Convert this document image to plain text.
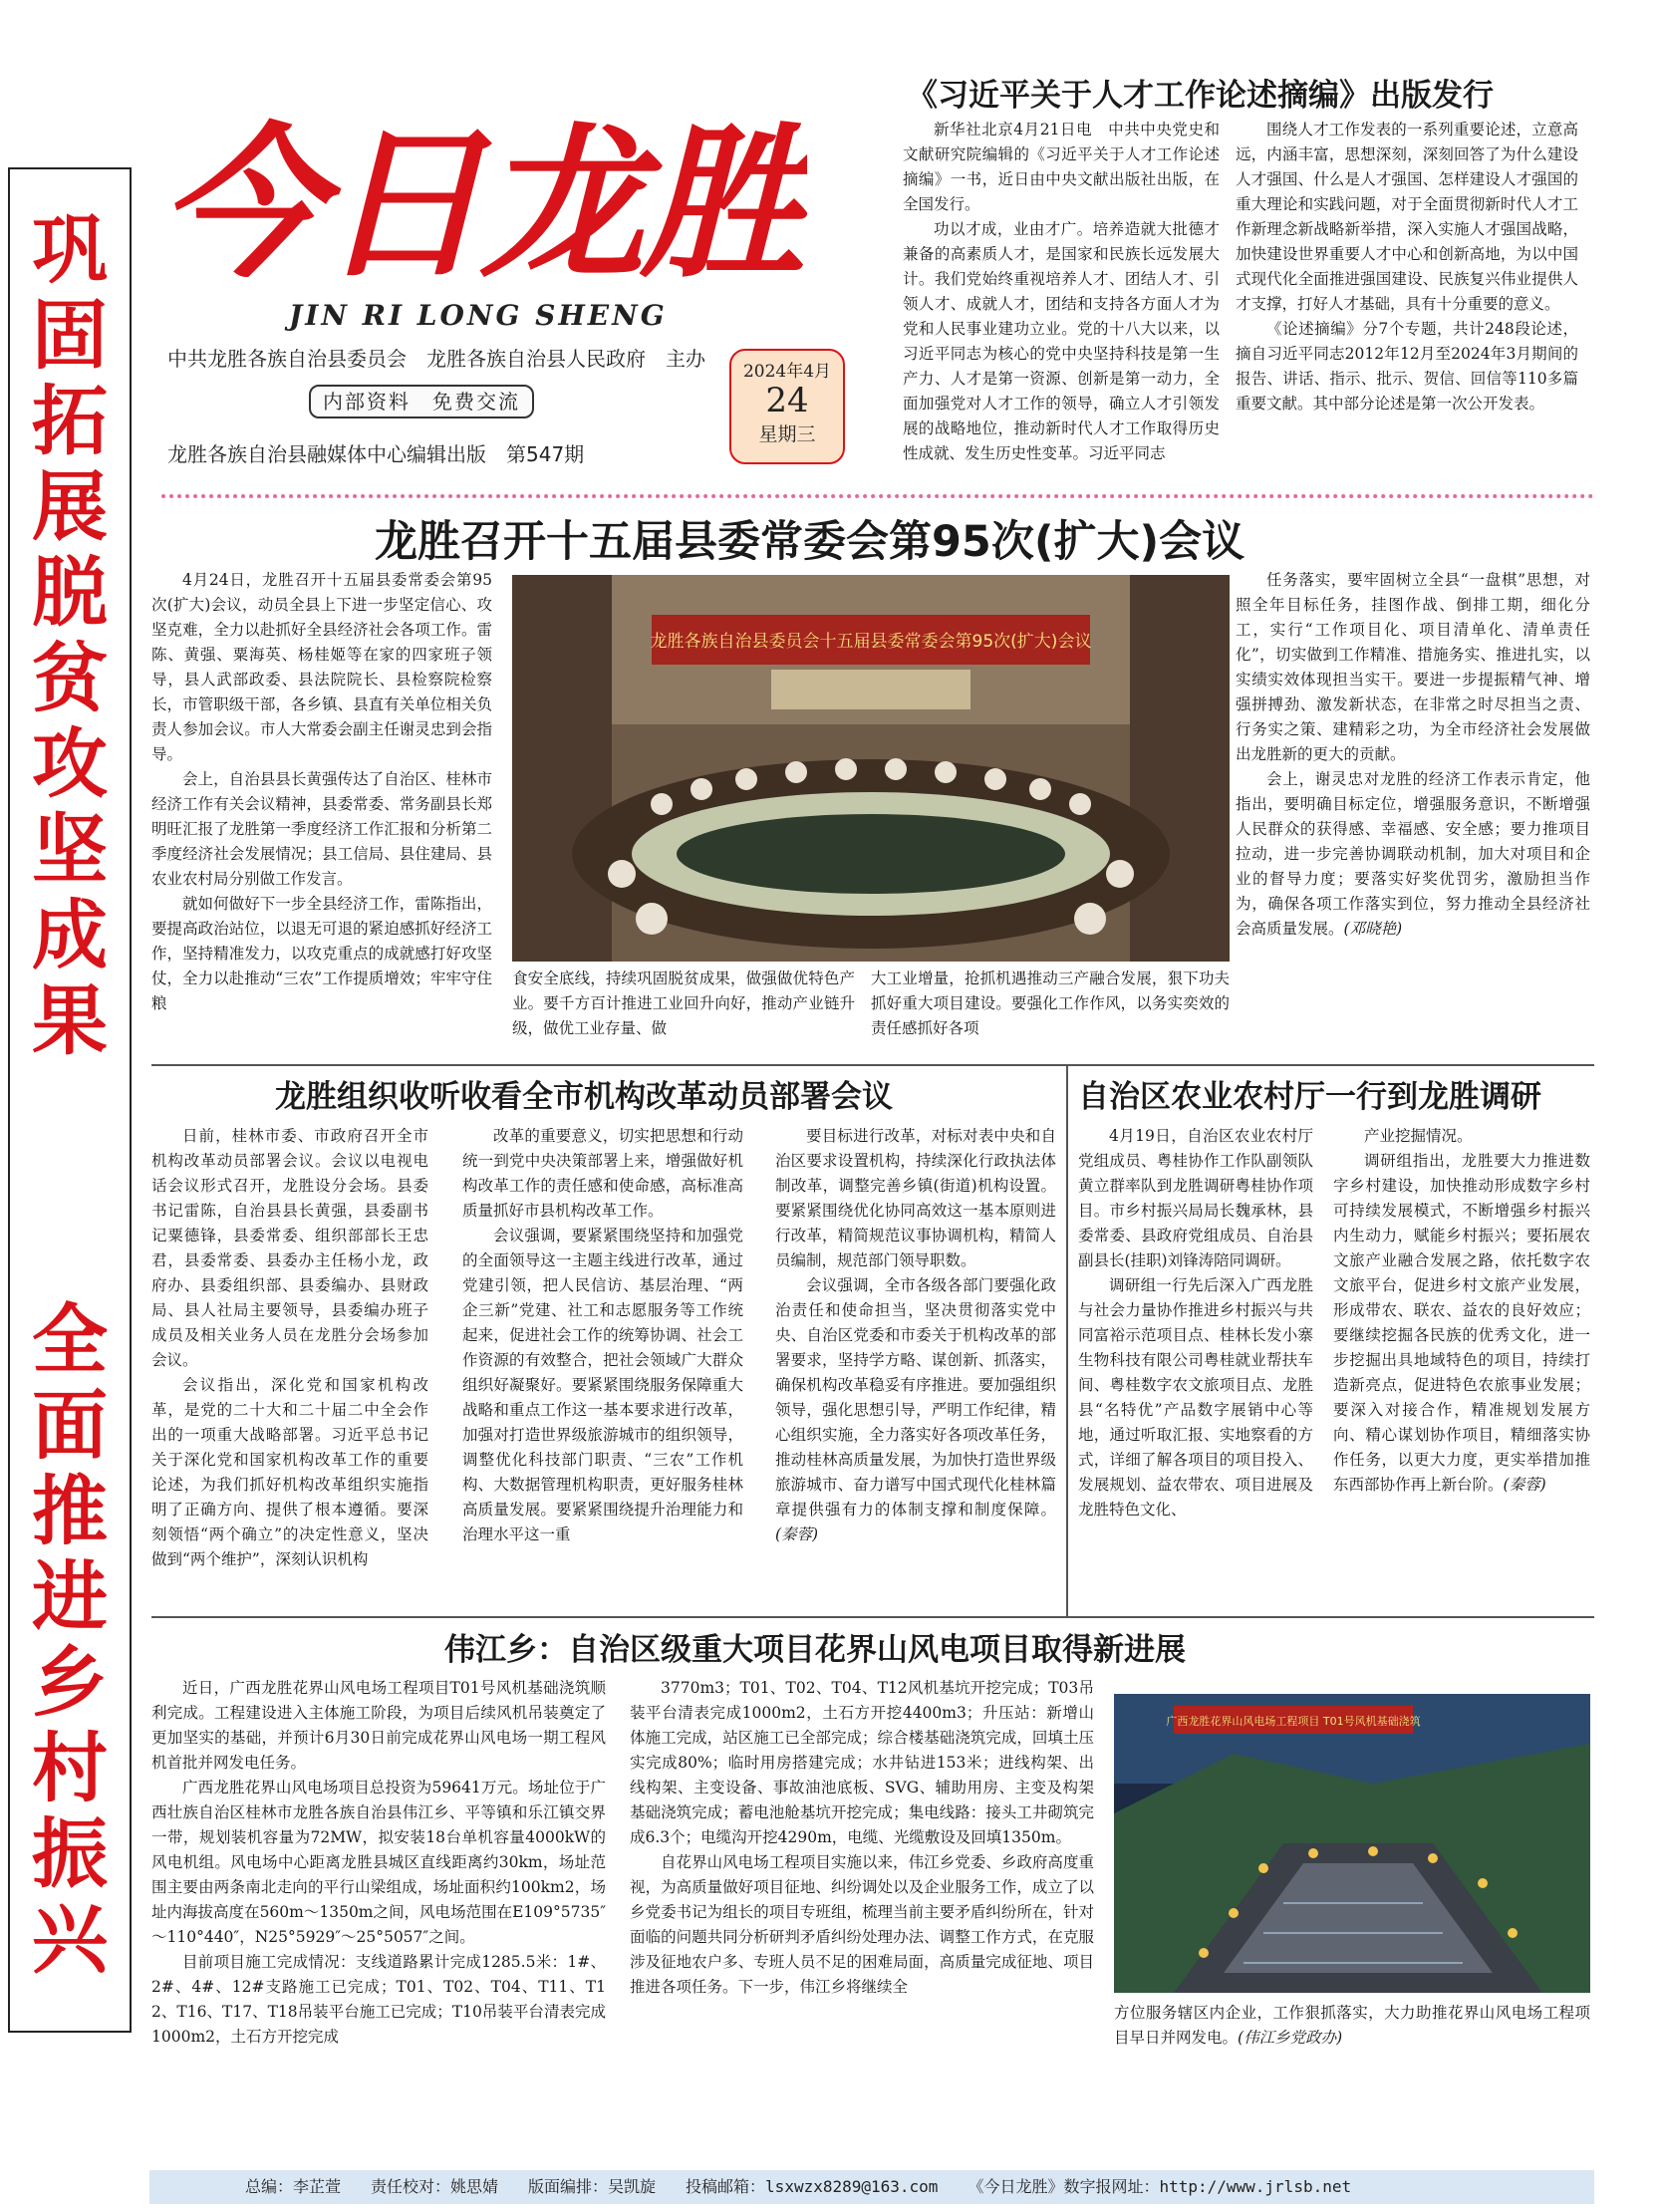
巩
固
拓
展
脱
贫
攻
坚
成
果
全
面
推
进
乡
村
振
兴
今日龙胜
JIN RI LONG SHENG
中共龙胜各族自治县委员会　龙胜各族自治县人民政府　主办
内部资料　免费交流
龙胜各族自治县融媒体中心编辑出版　第547期
2024年4月
24
星期三
《习近平关于人才工作论述摘编》出版发行

新华社北京4月21日电　中共中央党史和文献研究院编辑的《习近平关于人才工作论述摘编》一书，近日由中央文献出版社出版，在全国发行。

功以才成，业由才广。培养造就大批德才兼备的高素质人才，是国家和民族长远发展大计。我们党始终重视培养人才、团结人才、引领人才、成就人才，团结和支持各方面人才为党和人民事业建功立业。党的十八大以来，以习近平同志为核心的党中央坚持科技是第一生产力、人才是第一资源、创新是第一动力，全面加强党对人才工作的领导，确立人才引领发展的战略地位，推动新时代人才工作取得历史性成就、发生历史性变革。习近平同志

围绕人才工作发表的一系列重要论述，立意高远，内涵丰富，思想深刻，深刻回答了为什么建设人才强国、什么是人才强国、怎样建设人才强国的重大理论和实践问题，对于全面贯彻新时代人才工作新理念新战略新举措，深入实施人才强国战略，加快建设世界重要人才中心和创新高地，为以中国式现代化全面推进强国建设、民族复兴伟业提供人才支撑，打好人才基础，具有十分重要的意义。

《论述摘编》分7个专题，共计248段论述，摘自习近平同志2012年12月至2024年3月期间的报告、讲话、指示、批示、贺信、回信等110多篇重要文献。其中部分论述是第一次公开发表。

龙胜召开十五届县委常委会第95次(扩大)会议

4月24日，龙胜召开十五届县委常委会第95次(扩大)会议，动员全县上下进一步坚定信心、攻坚克难，全力以赴抓好全县经济社会各项工作。雷陈、黄强、粟海英、杨桂姬等在家的四家班子领导，县人武部政委、县法院院长、县检察院检察长，市管职级干部，各乡镇、县直有关单位相关负责人参加会议。市人大常委会副主任谢灵忠到会指导。

会上，自治县县长黄强传达了自治区、桂林市经济工作有关会议精神，县委常委、常务副县长郑明旺汇报了龙胜第一季度经济工作汇报和分析第二季度经济社会发展情况；县工信局、县住建局、县农业农村局分别做工作发言。

就如何做好下一步全县经济工作，雷陈指出，要提高政治站位，以退无可退的紧迫感抓好经济工作，坚持精准发力，以攻克重点的成就感打好攻坚仗，全力以赴推动“三农”工作提质增效；牢牢守住粮

龙胜各族自治县委员会十五届县委常委会第95次(扩大)会议
食安全底线，持续巩固脱贫成果，做强做优特色产业。要千方百计推进工业回升向好，推动产业链升级，做优工业存量、做
大工业增量，抢抓机遇推动三产融合发展，狠下功夫抓好重大项目建设。要强化工作作风，以务实奕效的责任感抓好各项

任务落实，要牢固树立全县“一盘棋”思想，对照全年目标任务，挂图作战、倒排工期，细化分工，实行“工作项目化、项目清单化、清单责任化”，切实做到工作精准、措施务实、推进扎实，以实绩实效体现担当实干。要进一步提振精气神、增强拼搏劲、激发新状态，在非常之时尽担当之责、行务实之策、建精彩之功，为全市经济社会发展做出龙胜新的更大的贡献。

会上，谢灵忠对龙胜的经济工作表示肯定，他指出，要明确目标定位，增强服务意识，不断增强人民群众的获得感、幸福感、安全感；要力推项目拉动，进一步完善协调联动机制，加大对项目和企业的督导力度；要落实好奖优罚劣，激励担当作为，确保各项工作落实到位，努力推动全县经济社会高质量发展。(邓晓艳)

龙胜组织收听收看全市机构改革动员部署会议

日前，桂林市委、市政府召开全市机构改革动员部署会议。会议以电视电话会议形式召开，龙胜设分会场。县委书记雷陈，自治县县长黄强，县委副书记粟德锋，县委常委、组织部部长王忠君，县委常委、县委办主任杨小龙，政府办、县委组织部、县委编办、县财政局、县人社局主要领导，县委编办班子成员及相关业务人员在龙胜分会场参加会议。

会议指出，深化党和国家机构改革，是党的二十大和二十届二中全会作出的一项重大战略部署。习近平总书记关于深化党和国家机构改革工作的重要论述，为我们抓好机构改革组织实施指明了正确方向、提供了根本遵循。要深刻领悟“两个确立”的决定性意义，坚决做到“两个维护”，深刻认识机构

改革的重要意义，切实把思想和行动统一到党中央决策部署上来，增强做好机构改革工作的责任感和使命感，高标准高质量抓好市县机构改革工作。

会议强调，要紧紧围绕坚持和加强党的全面领导这一主题主线进行改革，通过党建引领，把人民信访、基层治理、“两企三新”党建、社工和志愿服务等工作统起来，促进社会工作的统筹协调、社会工作资源的有效整合，把社会领域广大群众组织好凝聚好。要紧紧围绕服务保障重大战略和重点工作这一基本要求进行改革，加强对打造世界级旅游城市的组织领导，调整优化科技部门职责、“三农”工作机构、大数据管理机构职责，更好服务桂林高质量发展。要紧紧围绕提升治理能力和治理水平这一重

要目标进行改革，对标对表中央和自治区要求设置机构，持续深化行政执法体制改革，调整完善乡镇(街道)机构设置。要紧紧围绕优化协同高效这一基本原则进行改革，精简规范议事协调机构，精简人员编制，规范部门领导职数。

会议强调，全市各级各部门要强化政治责任和使命担当，坚决贯彻落实党中央、自治区党委和市委关于机构改革的部署要求，坚持学方略、谋创新、抓落实，确保机构改革稳妥有序推进。要加强组织领导，强化思想引导，严明工作纪律，精心组织实施，全力落实好各项改革任务，推动桂林高质量发展，为加快打造世界级旅游城市、奋力谱写中国式现代化桂林篇章提供强有力的体制支撑和制度保障。(秦蓉)

自治区农业农村厅一行到龙胜调研

4月19日，自治区农业农村厅党组成员、粤桂协作工作队副领队黄立群率队到龙胜调研粤桂协作项目。市乡村振兴局局长魏承林，县委常委、县政府党组成员、自治县副县长(挂职)刘锋涛陪同调研。

调研组一行先后深入广西龙胜与社会力量协作推进乡村振兴与共同富裕示范项目点、桂林长发小寨生物科技有限公司粤桂就业帮扶车间、粤桂数字农文旅项目点、龙胜县“名特优”产品数字展销中心等地，通过听取汇报、实地察看的方式，详细了解各项目的项目投入、发展规划、益农带农、项目进展及龙胜特色文化、

产业挖掘情况。

调研组指出，龙胜要大力推进数字乡村建设，加快推动形成数字乡村可持续发展模式，不断增强乡村振兴内生动力，赋能乡村振兴；要拓展农文旅产业融合发展之路，依托数字农文旅平台，促进乡村文旅产业发展，形成带农、联农、益农的良好效应；要继续挖掘各民族的优秀文化，进一步挖掘出具地域特色的项目，持续打造新亮点，促进特色农旅事业发展；要深入对接合作，精准规划发展方向、精心谋划协作项目，精细落实协作任务，以更大力度，更实举措加推东西部协作再上新台阶。(秦蓉)

伟江乡：自治区级重大项目花界山风电项目取得新进展

近日，广西龙胜花界山风电场工程项目T01号风机基础浇筑顺利完成。工程建设进入主体施工阶段，为项目后续风机吊装奠定了更加坚实的基础，并预计6月30日前完成花界山风电场一期工程风机首批并网发电任务。

广西龙胜花界山风电场项目总投资为59641万元。场址位于广西壮族自治区桂林市龙胜各族自治县伟江乡、平等镇和乐江镇交界一带，规划装机容量为72MW，拟安装18台单机容量4000kW的风电机组。风电场中心距离龙胜县城区直线距离约30km，场址范围主要由两条南北走向的平行山梁组成，场址面积约100km2，场址内海拔高度在560m～1350m之间，风电场范围在E109°5735″～110°440″，N25°5929″～25°5057″之间。

目前项目施工完成情况：支线道路累计完成1285.5米：1#、2#、4#、12#支路施工已完成；T01、T02、T04、T11、T12、T16、T17、T18吊装平台施工已完成；T10吊装平台清表完成1000m2，土石方开挖完成

3770m3；T01、T02、T04、T12风机基坑开挖完成；T03吊装平台清表完成1000m2，土石方开挖4400m3；升压站：新增山体施工完成，站区施工已全部完成；综合楼基础浇筑完成，回填土压实完成80%；临时用房搭建完成；水井钻进153米；进线构架、出线构架、主变设备、事故油池底板、SVG、辅助用房、主变及构架基础浇筑完成；蓄电池舱基坑开挖完成；集电线路：接头工井砌筑完成6.3个；电缆沟开挖4290m，电缆、光缆敷设及回填1350m。

自花界山风电场工程项目实施以来，伟江乡党委、乡政府高度重视，为高质量做好项目征地、纠纷调处以及企业服务工作，成立了以乡党委书记为组长的项目专班组，梳理当前主要矛盾纠纷所在，针对面临的问题共同分析研判矛盾纠纷处理办法、调整工作方式，在克服涉及征地农户多、专班人员不足的困难局面，高质量完成征地、项目推进各项任务。下一步，伟江乡将继续全

广西龙胜花界山风电场工程项目 T01号风机基础浇筑
方位服务辖区内企业，工作狠抓落实，大力助推花界山风电场工程项目早日并网发电。(伟江乡党政办)
总编：李芷萱 责任校对：姚思婧 版面编排：吴凯旋 投稿邮箱：lsxwzx8289@163.com 《今日龙胜》数字报网址：http://www.jrlsb.net
